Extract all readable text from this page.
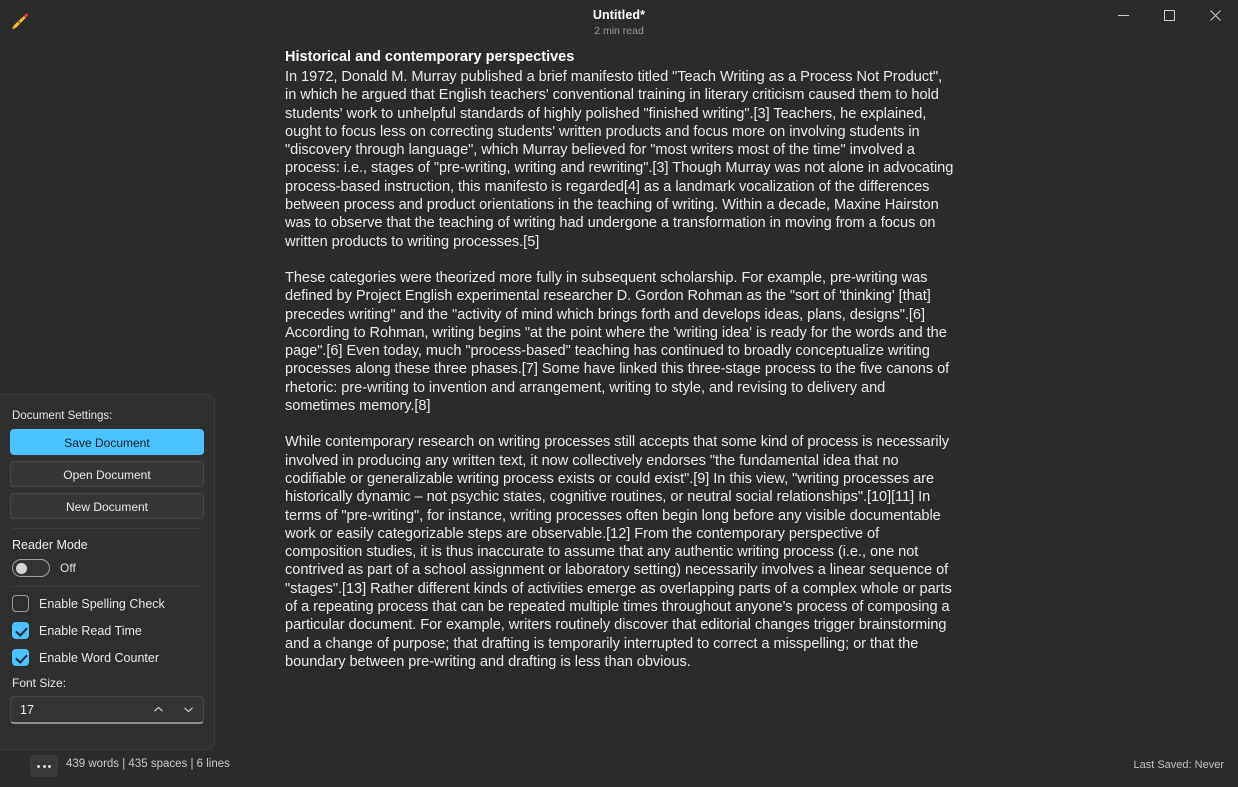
Untitled*
2 min read
Historical and contemporary perspectives

In 1972, Donald M. Murray published a brief manifesto titled "Teach Writing as a Process Not Product", in which he argued that English teachers' conventional training in literary criticism caused them to hold students' work to unhelpful standards of highly polished "finished writing".[3] Teachers, he explained, ought to focus less on correcting students' written products and focus more on involving students in "discovery through language", which Murray believed for "most writers most of the time" involved a process: i.e., stages of "pre-writing, writing and rewriting".[3] Though Murray was not alone in advocating process-based instruction, this manifesto is regarded[4] as a landmark vocalization of the differences between process and product orientations in the teaching of writing. Within a decade, Maxine Hairston was to observe that the teaching of writing had undergone a transformation in moving from a focus on written products to writing processes.[5]

These categories were theorized more fully in subsequent scholarship. For example, pre-writing was defined by Project English experimental researcher D. Gordon Rohman as the "sort of 'thinking' [that] precedes writing" and the "activity of mind which brings forth and develops ideas, plans, designs".[6] According to Rohman, writing begins "at the point where the 'writing idea' is ready for the words and the page".[6] Even today, much "process-based" teaching has continued to broadly conceptualize writing processes along these three phases.[7] Some have linked this three-stage process to the five canons of rhetoric: pre-writing to invention and arrangement, writing to style, and revising to delivery and sometimes memory.[8]

While contemporary research on writing processes still accepts that some kind of process is necessarily involved in producing any written text, it now collectively endorses "the fundamental idea that no codifiable or generalizable writing process exists or could exist".[9] In this view, "writing processes are historically dynamic – not psychic states, cognitive routines, or neutral social relationships".[10][11] In terms of "pre-writing", for instance, writing processes often begin long before any visible documentable work or easily categorizable steps are observable.[12] From the contemporary perspective of composition studies, it is thus inaccurate to assume that any authentic writing process (i.e., one not contrived as part of a school assignment or laboratory setting) necessarily involves a linear sequence of "stages".[13] Rather different kinds of activities emerge as overlapping parts of a complex whole or parts of a repeating process that can be repeated multiple times throughout anyone's process of composing a particular document. For example, writers routinely discover that editorial changes trigger brainstorming and a change of purpose; that drafting is temporarily interrupted to correct a misspelling; or that the boundary between pre-writing and drafting is less than obvious.

Document Settings:
Save Document
Open Document
New Document
Reader Mode
Off
Enable Spelling Check
Enable Read Time
Enable Word Counter
Font Size:
17
439 words | 435 spaces | 6 lines	Last Saved: Never
